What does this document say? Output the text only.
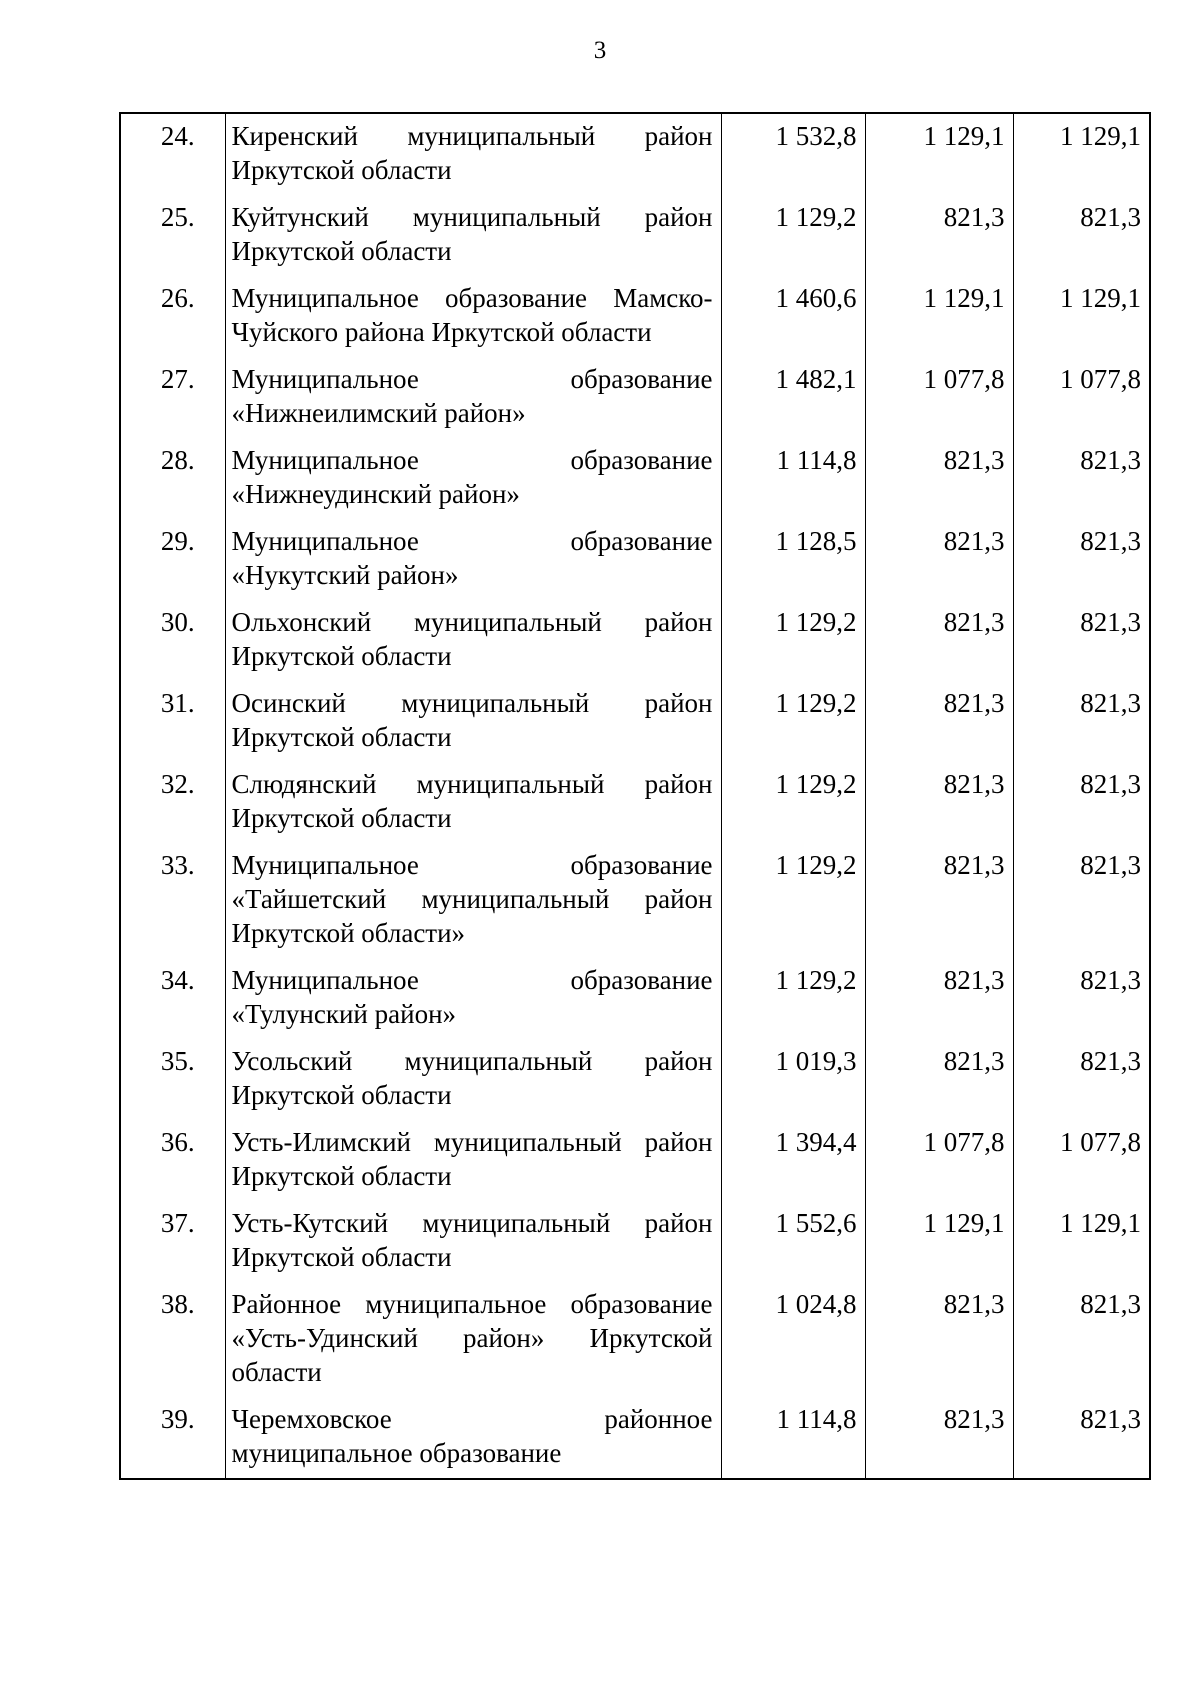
3
24.	Киренский муниципальный район
Иркутской области	1 532,8	1 129,1	1 129,1
25.	Куйтунский муниципальный район
Иркутской области	1 129,2	821,3	821,3
26.	Муниципальное образование Мамско-
Чуйского района Иркутской области	1 460,6	1 129,1	1 129,1
27.	Муниципальное образование
«Нижнеилимский район»	1 482,1	1 077,8	1 077,8
28.	Муниципальное образование
«Нижнеудинский район»	1 114,8	821,3	821,3
29.	Муниципальное образование
«Нукутский район»	1 128,5	821,3	821,3
30.	Ольхонский муниципальный район
Иркутской области	1 129,2	821,3	821,3
31.	Осинский муниципальный район
Иркутской области	1 129,2	821,3	821,3
32.	Слюдянский муниципальный район
Иркутской области	1 129,2	821,3	821,3
33.	Муниципальное образование
«Тайшетский муниципальный район
Иркутской области»	1 129,2	821,3	821,3
34.	Муниципальное образование
«Тулунский район»	1 129,2	821,3	821,3
35.	Усольский муниципальный район
Иркутской области	1 019,3	821,3	821,3
36.	Усть-Илимский муниципальный район
Иркутской области	1 394,4	1 077,8	1 077,8
37.	Усть-Кутский муниципальный район
Иркутской области	1 552,6	1 129,1	1 129,1
38.	Районное муниципальное образование
«Усть-Удинский район» Иркутской
области	1 024,8	821,3	821,3
39.	Черемховское районное
муниципальное образование	1 114,8	821,3	821,3
